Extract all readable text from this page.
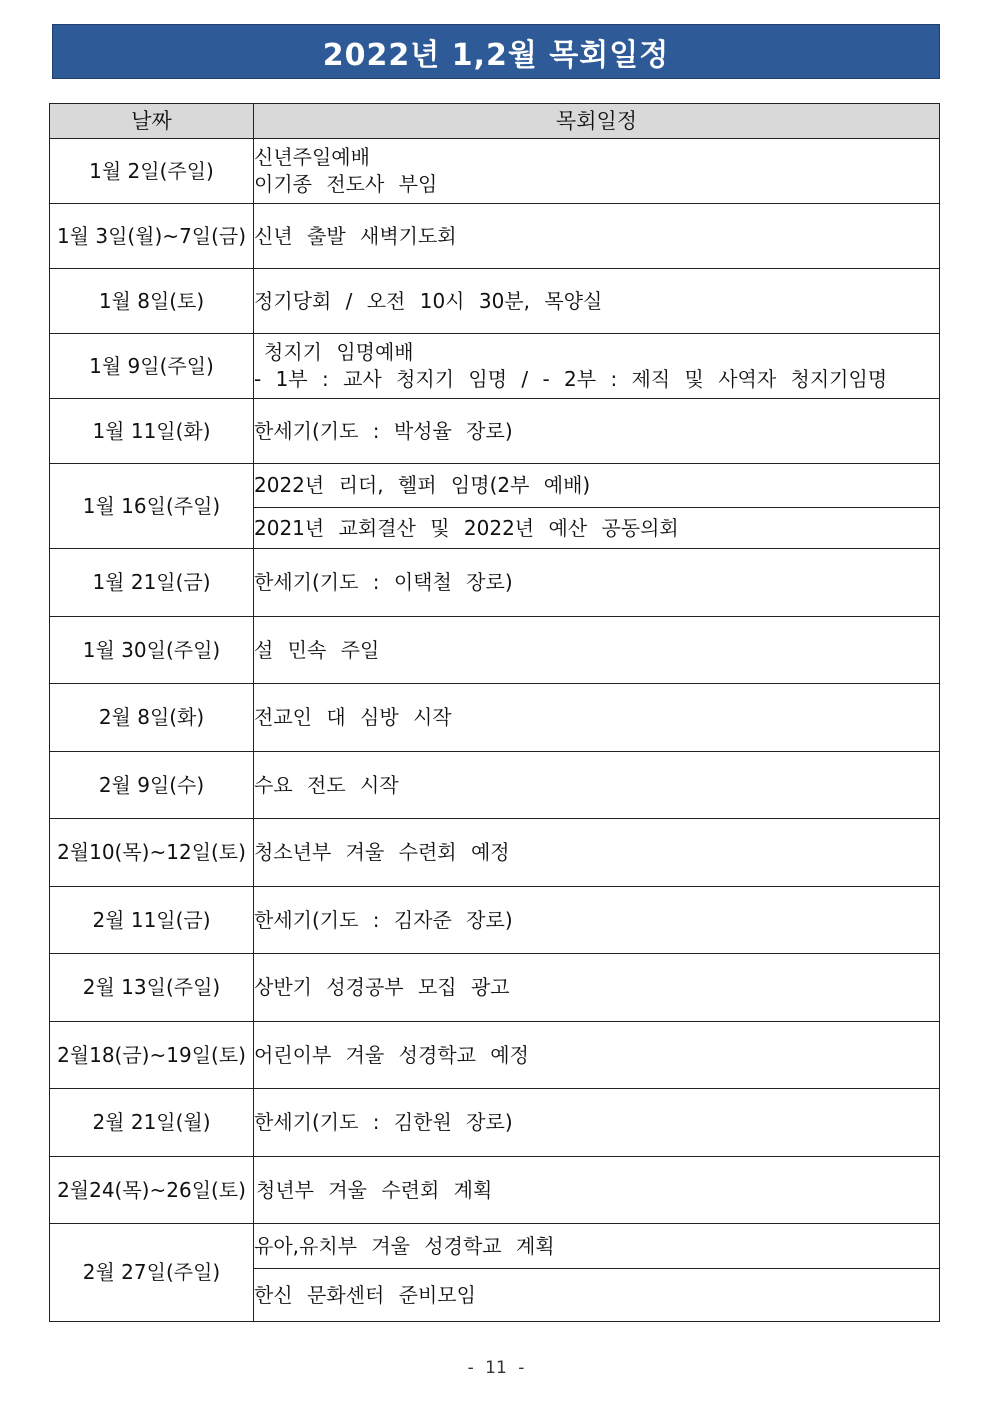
2022년 1,2월 목회일정
날짜	목회일정
1월 2일(주일)	신년주일예배
이기종 전도사 부임

1월 3일(월)~7일(금)	신년 출발 새벽기도회
1월 8일(토)	정기당회 / 오전 10시 30분, 목양실
1월 9일(주일)	청지기 임명예배
- 1부 : 교사 청지기 임명 / - 2부 : 제직 및 사역자 청지기임명

1월 11일(화)	한세기(기도 : 박성율 장로)
1월 16일(주일)	2022년 리더, 헬퍼 임명(2부 예배)
	2021년 교회결산 및 2022년 예산 공동의회
1월 21일(금)	한세기(기도 : 이택철 장로)
1월 30일(주일)	설 민속 주일
2월 8일(화)	전교인 대 심방 시작
2월 9일(수)	수요 전도 시작
2월10(목)~12일(토)	청소년부 겨울 수련회 예정
2월 11일(금)	한세기(기도 : 김자준 장로)
2월 13일(주일)	상반기 성경공부 모집 광고
2월18(금)~19일(토)	어린이부 겨울 성경학교 예정
2월 21일(월)	한세기(기도 : 김한원 장로)
2월24(목)~26일(토)	청년부 겨울 수련회 계획
2월 27일(주일)	유아,유치부 겨울 성경학교 계획
	한신 문화센터 준비모임
- 11 -
